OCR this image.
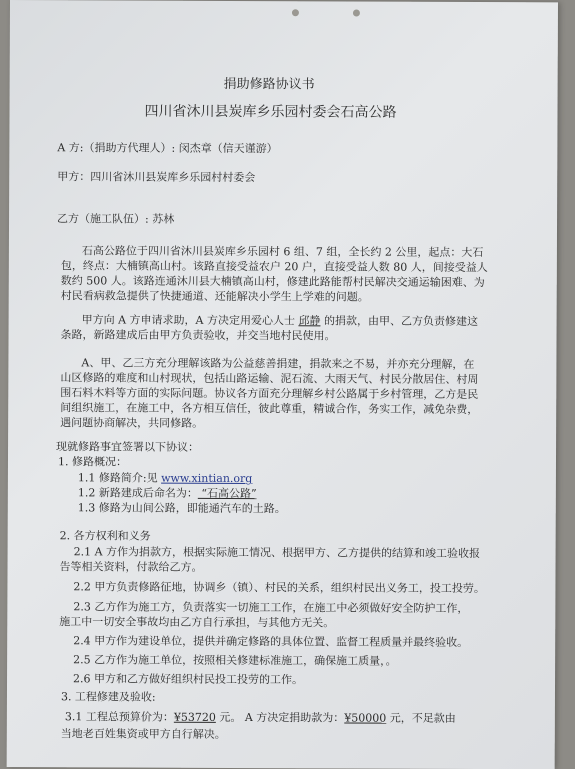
捐助修路协议书
四川省沐川县炭库乡乐园村委会石高公路
A 方:（捐助方代理人）: 闵杰章（信天谨游）
甲方：四川省沐川县炭库乡乐园村村委会
乙方（施工队伍）: 苏林
石高公路位于四川省沐川县炭库乡乐园村 6 组、7 组，全长约 2 公里，起点：大石
包，终点：大楠镇高山村。该路直接受益农户 20 户，直接受益人数 80 人，间接受益人
数约 500 人。该路连通沐川县大楠镇高山村，修建此路能帮村民解决交通运输困难、为
村民看病救急提供了快捷通道、还能解决小学生上学难的问题。
甲方向 A 方申请求助，A 方决定用爱心人士 邱静 的捐款，由甲、乙方负责修建这
条路，新路建成后由甲方负责验收，并交当地村民使用。
A、甲、乙三方充分理解该路为公益慈善捐建，捐款来之不易，并亦充分理解，在
山区修路的难度和山村现状，包括山路运输、泥石流、大雨天气、村民分散居住、村周
围石料木料等方面的实际问题。协议各方面充分理解乡村公路属于乡村管理，乙方是民
间组织施工，在施工中，各方相互信任，彼此尊重，精诚合作，务实工作，减免杂费，
遇问题协商解决，共同修路。
现就修路事宜签署以下协议：
1. 修路概况：
1.1 修路简介:见 www.xintian.org
1.2 新路建成后命名为： “石高公路”
1.3 修路为山间公路，即能通汽车的土路。
2. 各方权利和义务
2.1 A 方作为捐款方，根据实际施工情况、根据甲方、乙方提供的结算和竣工验收报
告等相关资料，付款给乙方。
2.2 甲方负责修路征地，协调乡（镇）、村民的关系，组织村民出义务工，投工投劳。
2.3 乙方作为施工方，负责落实一切施工工作，在施工中必须做好安全防护工作，
施工中一切安全事故均由乙方自行承担，与其他方无关。
2.4 甲方作为建设单位，提供并确定修路的具体位置、监督工程质量并最终验收。
2.5 乙方作为施工单位，按照相关修建标准施工，确保施工质量，。
2.6 甲方和乙方做好组织村民投工投劳的工作。
3. 工程修建及验收:
3.1 工程总预算价为：¥53720 元。 A 方决定捐助款为：¥50000 元，不足款由
当地老百姓集资或甲方自行解决。
